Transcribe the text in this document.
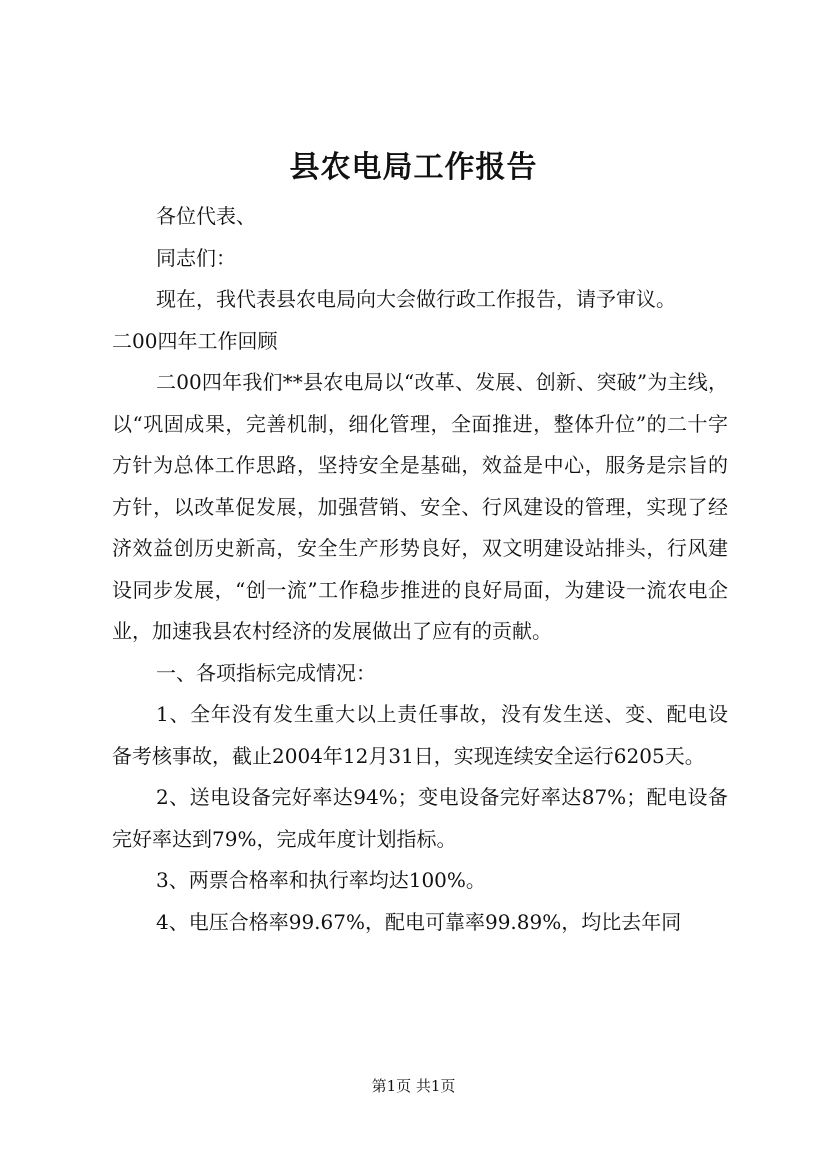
县农电局工作报告

各位代表、

同志们：

现在，我代表县农电局向大会做行政工作报告，请予审议。

二00四年工作回顾

二00四年我们**县农电局以“改革、发展、创新、突破”为主线，以“巩固成果，完善机制，细化管理，全面推进，整体升位”的二十字方针为总体工作思路，坚持安全是基础，效益是中心，服务是宗旨的方针，以改革促发展，加强营销、安全、行风建设的管理，实现了经济效益创历史新高，安全生产形势良好，双文明建设站排头，行风建设同步发展，“创一流”工作稳步推进的良好局面，为建设一流农电企业，加速我县农村经济的发展做出了应有的贡献。

一、各项指标完成情况：

1、全年没有发生重大以上责任事故，没有发生送、变、配电设备考核事故，截止2004年12月31日，实现连续安全运行6205天。

2、送电设备完好率达94%；变电设备完好率达87%；配电设备完好率达到79%，完成年度计划指标。

3、两票合格率和执行率均达100%。

4、电压合格率99.67%，配电可靠率99.89%，均比去年同

第1页 共1页
